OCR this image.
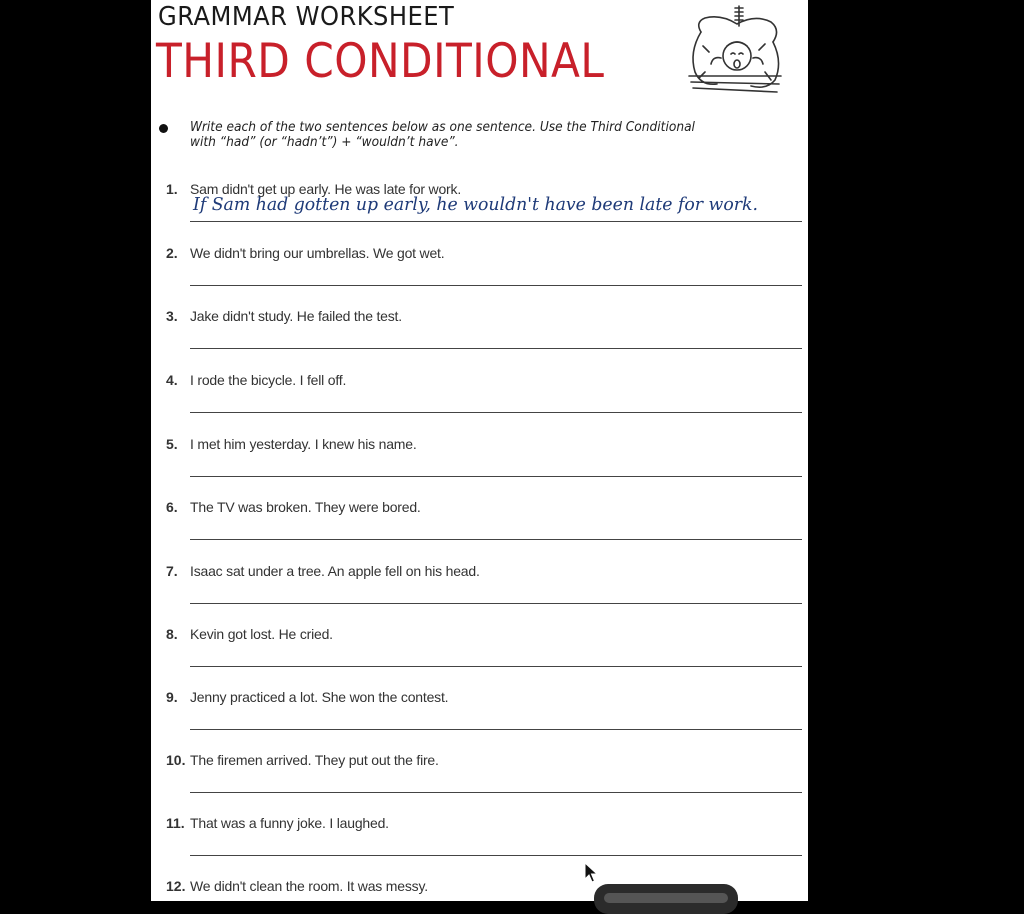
GRAMMAR WORKSHEET
THIRD CONDITIONAL
Write each of the two sentences below as one sentence. Use the Third Conditional
with “had” (or “hadn’t”) + “wouldn’t have”.
1. Sam didn't get up early. He was late for work.
If Sam had gotten up early, he wouldn't have been late for work.
2. We didn't bring our umbrellas. We got wet.
3. Jake didn't study. He failed the test.
4. I rode the bicycle. I fell off.
5. I met him yesterday. I knew his name.
6. The TV was broken. They were bored.
7. Isaac sat under a tree. An apple fell on his head.
8. Kevin got lost. He cried.
9. Jenny practiced a lot. She won the contest.
10. The firemen arrived. They put out the fire.
11. That was a funny joke. I laughed.
12. We didn't clean the room. It was messy.
